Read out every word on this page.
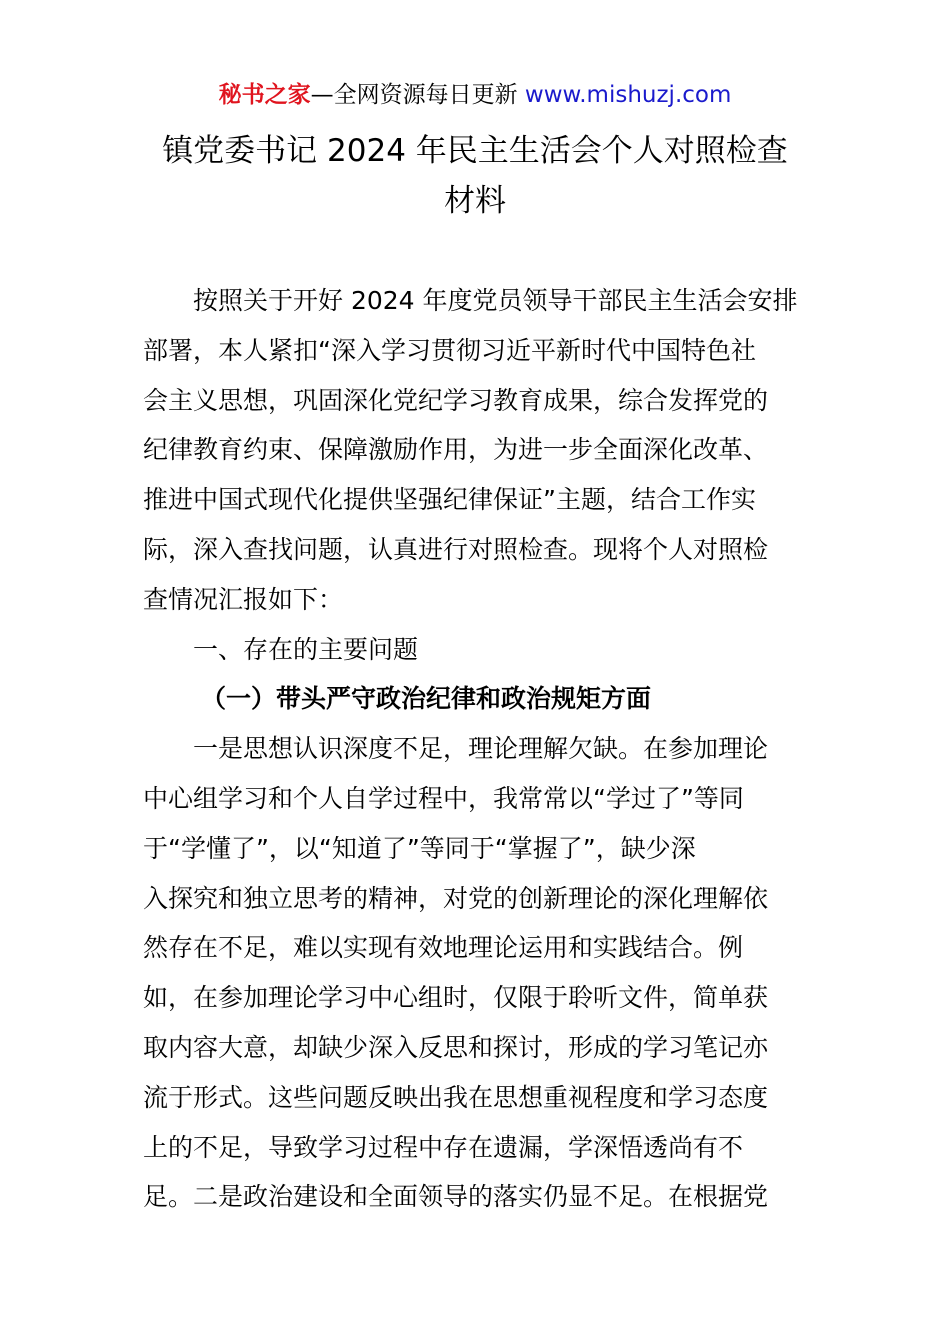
秘书之家—全网资源每日更新 www.mishuzj.com
镇党委书记 2024 年民主生活会个人对照检查
材料
按照关于开好 2024 年度党员领导干部民主生活会安排
部署，本人紧扣“深入学习贯彻习近平新时代中国特色社
会主义思想，巩固深化党纪学习教育成果，综合发挥党的
纪律教育约束、保障激励作用，为进一步全面深化改革、
推进中国式现代化提供坚强纪律保证”主题，结合工作实
际，深入查找问题，认真进行对照检查。现将个人对照检
查情况汇报如下：
一、存在的主要问题
（一）带头严守政治纪律和政治规矩方面
一是思想认识深度不足，理论理解欠缺。在参加理论
中心组学习和个人自学过程中，我常常以“学过了”等同
于“学懂了”，以“知道了”等同于“掌握了”，缺少深
入探究和独立思考的精神，对党的创新理论的深化理解依
然存在不足，难以实现有效地理论运用和实践结合。例
如，在参加理论学习中心组时，仅限于聆听文件，简单获
取内容大意，却缺少深入反思和探讨，形成的学习笔记亦
流于形式。这些问题反映出我在思想重视程度和学习态度
上的不足，导致学习过程中存在遗漏，学深悟透尚有不
足。二是政治建设和全面领导的落实仍显不足。在根据党
